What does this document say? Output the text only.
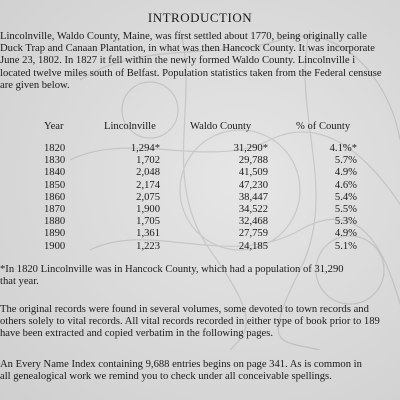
INTRODUCTION
Lincolnville, Waldo County, Maine, was first settled about 1770, being originally calle
Duck Trap and Canaan Plantation, in what was then Hancock County. It was incorporate
June 23, 1802. In 1827 it fell within the newly formed Waldo County. Lincolnville i
located twelve miles south of Belfast. Population statistics taken from the Federal censuse
are given below.
Year	Lincolnville	Waldo County	% of County
1820	1,294*	31,290*	4.1%*
1830	1,702	29,788	5.7%
1840	2,048	41,509	4.9%
1850	2,174	47,230	4.6%
1860	2,075	38,447	5.4%
1870	1,900	34,522	5.5%
1880	1,705	32,468	5.3%
1890	1,361	27,759	4.9%
1900	1,223	24,185	5.1%
*In 1820 Lincolnville was in Hancock County, which had a population of 31,290
that year.
The original records were found in several volumes, some devoted to town records and
others solely to vital records. All vital records recorded in either type of book prior to 189
have been extracted and copied verbatim in the following pages.
An Every Name Index containing 9,688 entries begins on page 341. As is common in
all genealogical work we remind you to check under all conceivable spellings.
